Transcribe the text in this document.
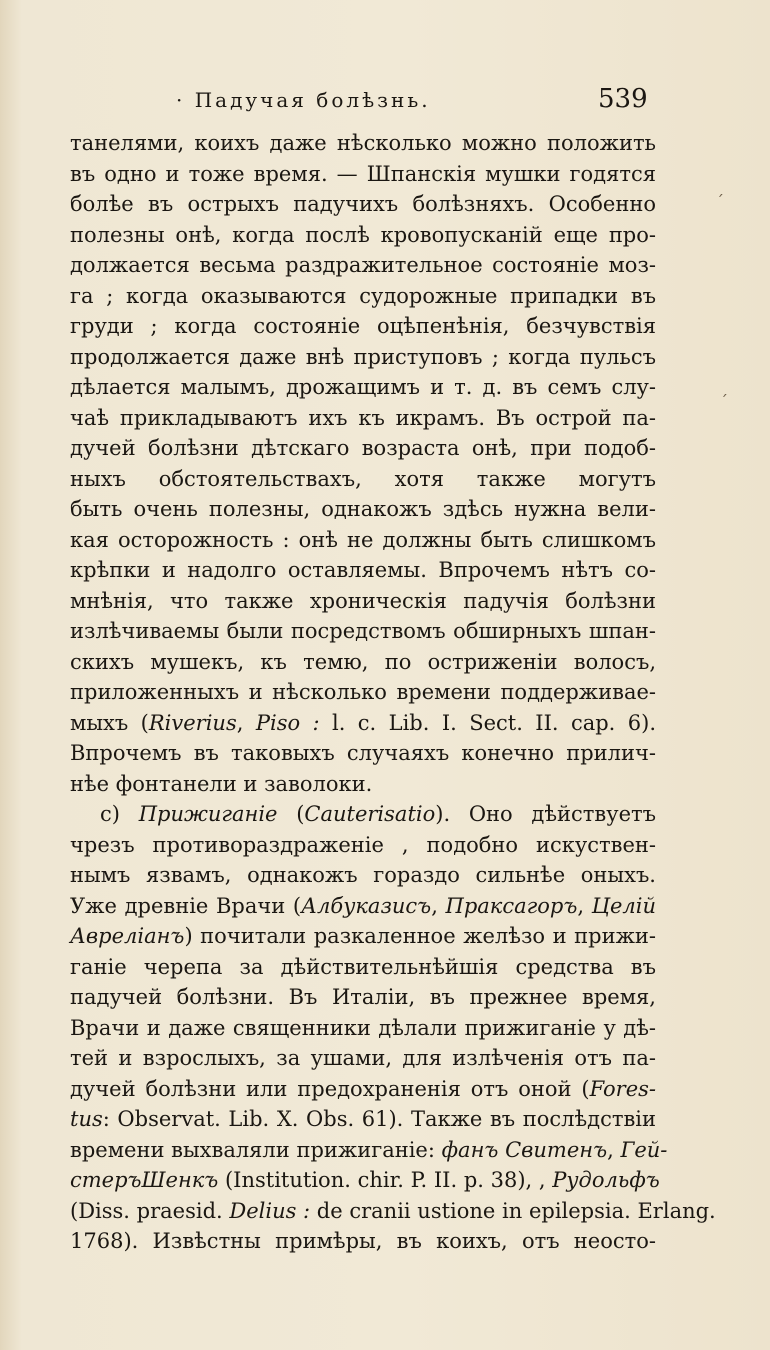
· Падучая болѣзнь.	539
танелями, коихъ даже нѣсколько можно положить
въ одно и тоже время. — Шпанскія мушки годятся
болѣе въ острыхъ падучихъ болѣзняхъ. Особенно
полезны онѣ, когда послѣ кровопусканій еще про-
должается весьма раздражительное состояніе моз-
га ; когда оказываются судорожные припадки въ
груди ; когда состояніе оцѣпенѣнія, безчувствія
продолжается даже внѣ приступовъ ; когда пульсъ
дѣлается малымъ, дрожащимъ и т. д. въ семъ слу-
чаѣ прикладываютъ ихъ къ икрамъ. Въ острой па-
дучей болѣзни дѣтскаго возраста онѣ, при подоб-
ныхъ обстоятельствахъ, хотя также могутъ
быть очень полезны, однакожъ здѣсь нужна вели-
кая осторожность : онѣ не должны быть слишкомъ
крѣпки и надолго оставляемы. Впрочемъ нѣтъ со-
мнѣнія, что также хроническія падучія болѣзни
излѣчиваемы были посредствомъ обширныхъ шпан-
скихъ мушекъ, къ темю, по остриженіи волосъ,
приложенныхъ и нѣсколько времени поддерживае-
мыхъ (Riverius, Piso : l. c. Lib. I. Sect. II. cap. 6).
Впрочемъ въ таковыхъ случаяхъ конечно прилич-
нѣе фонтанели и заволоки.
c) Прижиганіе (Cauterisatio). Оно дѣйствуетъ
чрезъ противораздраженіе , подобно искуствен-
нымъ язвамъ, однакожъ гораздо сильнѣе оныхъ.
Уже древніе Врачи (Албуказисъ, Праксагоръ, Целій
Авреліанъ) почитали разкаленное желѣзо и прижи-
ганіе черепа за дѣйствительнѣйшія средства въ
падучей болѣзни. Въ Италіи, въ прежнее время,
Врачи и даже священники дѣлали прижиганіе у дѣ-
тей и взрослыхъ, за ушами, для излѣченія отъ па-
дучей болѣзни или предохраненія отъ оной (Fores-
tus: Observat. Lib. X. Obs. 61). Также въ послѣдствіи
времени выхваляли прижиганіе: фанъ Свитенъ, Гей-
стеръШенкъ (Institution. chir. P. II. p. 38), , Рудольфъ
(Diss. praesid. Delius : de cranii ustione in epilepsia. Erlang.
1768). Извѣстны примѣры, въ коихъ, отъ неосто-
ˊ
ˊ
